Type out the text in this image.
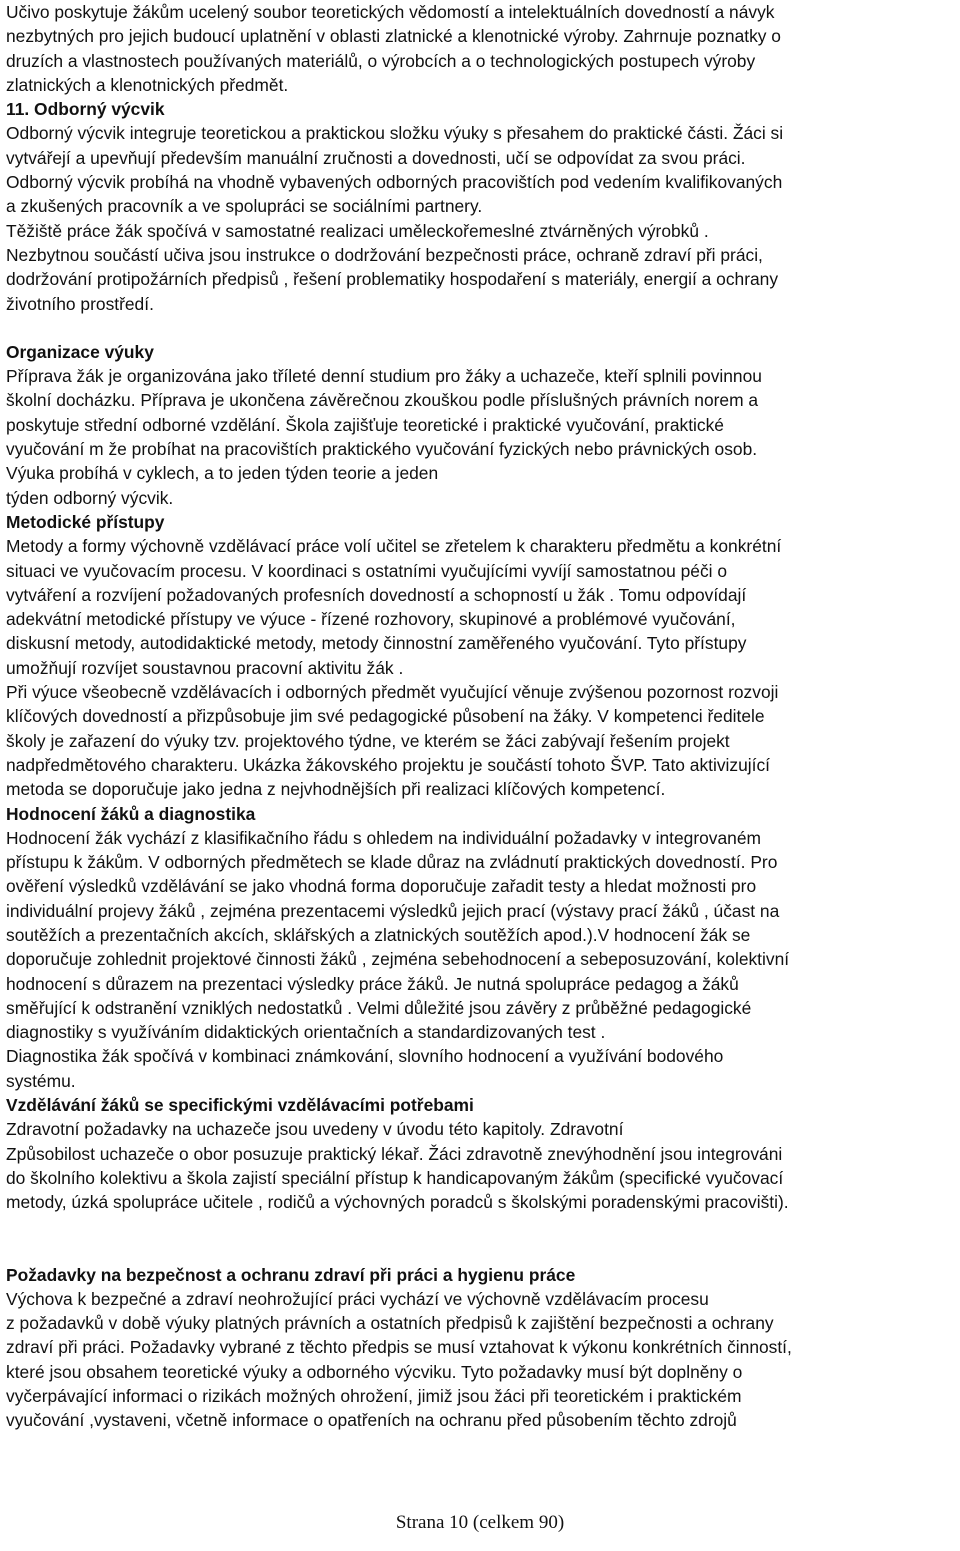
Učivo poskytuje žákům ucelený soubor teoretických vědomostí a intelektuálních dovedností a návyk
nezbytných pro jejich budoucí uplatnění v oblasti zlatnické a klenotnické výroby. Zahrnuje poznatky o
druzích a vlastnostech používaných materiálů, o výrobcích a o technologických postupech výroby
zlatnických a klenotnických předmět.
11. Odborný výcvik
Odborný výcvik integruje teoretickou a praktickou složku výuky s přesahem do praktické části. Žáci si
vytvářejí a upevňují především manuální zručnosti a dovednosti, učí se odpovídat za svou práci.
Odborný výcvik probíhá na vhodně vybavených odborných pracovištích pod vedením kvalifikovaných
a zkušených pracovník a ve spolupráci se sociálními partnery.
Těžiště práce žák spočívá v samostatné realizaci uměleckořemeslné ztvárněných výrobků .
Nezbytnou součástí učiva jsou instrukce o dodržování bezpečnosti práce, ochraně zdraví při práci,
dodržování protipožárních předpisů , řešení problematiky hospodaření s materiály, energií a ochrany
životního prostředí.
Organizace výuky
Příprava žák je organizována jako tříleté denní studium pro žáky a uchazeče, kteří splnili povinnou
školní docházku. Příprava je ukončena závěrečnou zkouškou podle příslušných právních norem a
poskytuje střední odborné vzdělání. Škola zajišťuje teoretické i praktické vyučování, praktické
vyučování m že probíhat na pracovištích praktického vyučování fyzických nebo právnických osob.
Výuka probíhá v cyklech, a to jeden týden teorie a jeden
týden odborný výcvik.
Metodické přístupy
Metody a formy výchovně vzdělávací práce volí učitel se zřetelem k charakteru předmětu a konkrétní
situaci ve vyučovacím procesu. V koordinaci s ostatními vyučujícími vyvíjí samostatnou péči o
vytváření a rozvíjení požadovaných profesních dovedností a schopností u žák . Tomu odpovídají
adekvátní metodické přístupy ve výuce - řízené rozhovory, skupinové a problémové vyučování,
diskusní metody, autodidaktické metody, metody činnostní zaměřeného vyučování. Tyto přístupy
umožňují rozvíjet soustavnou pracovní aktivitu žák .
Při výuce všeobecně vzdělávacích i odborných předmět vyučující věnuje zvýšenou pozornost rozvoji
klíčových dovedností a přizpůsobuje jim své pedagogické působení na žáky. V kompetenci ředitele
školy je zařazení do výuky tzv. projektového týdne, ve kterém se žáci zabývají řešením projekt
nadpředmětového charakteru. Ukázka žákovského projektu je součástí tohoto ŠVP. Tato aktivizující
metoda se doporučuje jako jedna z nejvhodnějších při realizaci klíčových kompetencí.
Hodnocení žáků a diagnostika
Hodnocení žák vychází z klasifikačního řádu s ohledem na individuální požadavky v integrovaném
přístupu k žákům. V odborných předmětech se klade důraz na zvládnutí praktických dovedností. Pro
ověření výsledků vzdělávání se jako vhodná forma doporučuje zařadit testy a hledat možnosti pro
individuální projevy žáků , zejména prezentacemi výsledků jejich prací (výstavy prací žáků , účast na
soutěžích a prezentačních akcích, sklářských a zlatnických soutěžích apod.).V hodnocení žák se
doporučuje zohlednit projektové činnosti žáků , zejména sebehodnocení a sebeposuzování, kolektivní
hodnocení s důrazem na prezentaci výsledky práce žáků. Je nutná spolupráce pedagog a žáků
směřující k odstranění vzniklých nedostatků . Velmi důležité jsou závěry z průběžné pedagogické
diagnostiky s využíváním didaktických orientačních a standardizovaných test .
Diagnostika žák spočívá v kombinaci známkování, slovního hodnocení a využívání bodového
systému.
Vzdělávání žáků se specifickými vzdělávacími potřebami
Zdravotní požadavky na uchazeče jsou uvedeny v úvodu této kapitoly. Zdravotní
Způsobilost uchazeče o obor posuzuje praktický lékař. Žáci zdravotně znevýhodnění jsou integrováni
do školního kolektivu a škola zajistí speciální přístup k handicapovaným žákům (specifické vyučovací
metody, úzká spolupráce učitele , rodičů a výchovných poradců s školskými poradenskými pracovišti).
Požadavky na bezpečnost a ochranu zdraví při práci a hygienu práce
Výchova k bezpečné a zdraví neohrožující práci vychází ve výchovně vzdělávacím procesu
z požadavků v době výuky platných právních a ostatních předpisů k zajištění bezpečnosti a ochrany
zdraví při práci. Požadavky vybrané z těchto předpis se musí vztahovat k výkonu konkrétních činností,
které jsou obsahem teoretické výuky a odborného výcviku. Tyto požadavky musí být doplněny o
vyčerpávající informaci o rizikách možných ohrožení, jimiž jsou žáci při teoretickém i praktickém
vyučování ,vystaveni, včetně informace o opatřeních na ochranu před působením těchto zdrojů
Strana 10 (celkem 90)
